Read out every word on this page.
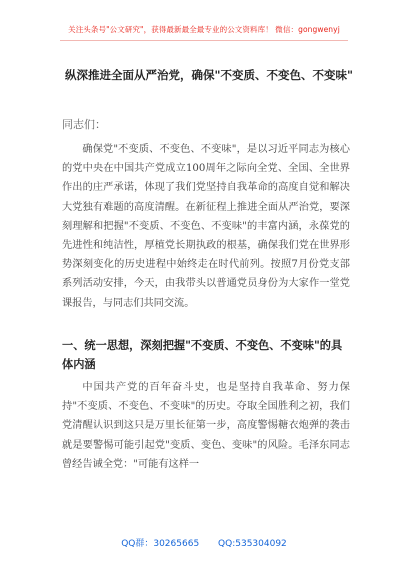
关注头条号"公文研究"，获得最新最全最专业的公文资料库！ 微信：gongwenyj
纵深推进全面从严治党，确保"不变质、不变色、不变味"
同志们：

确保党"不变质、不变色、不变味"，是以习近平同志为核心的党中央在中国共产党成立100周年之际向全党、全国、全世界作出的庄严承诺，体现了我们党坚持自我革命的高度自觉和解决大党独有难题的高度清醒。在新征程上推进全面从严治党，要深刻理解和把握"不变质、不变色、不变味"的丰富内涵，永葆党的先进性和纯洁性，厚植党长期执政的根基，确保我们党在世界形势深刻变化的历史进程中始终走在时代前列。按照7月份党支部系列活动安排，今天，由我带头以普通党员身份为大家作一堂党课报告，与同志们共同交流。

一、统一思想，深刻把握"不变质、不变色、不变味"的具体内涵

中国共产党的百年奋斗史，也是坚持自我革命、努力保持"不变质、不变色、不变味"的历史。夺取全国胜利之初，我们党清醒认识到这只是万里长征第一步，高度警惕糖衣炮弹的袭击就是要警惕可能引起党"变质、变色、变味"的风险。毛泽东同志曾经告诫全党："可能有这样一

QQ群：30265665 QQ:535304092
